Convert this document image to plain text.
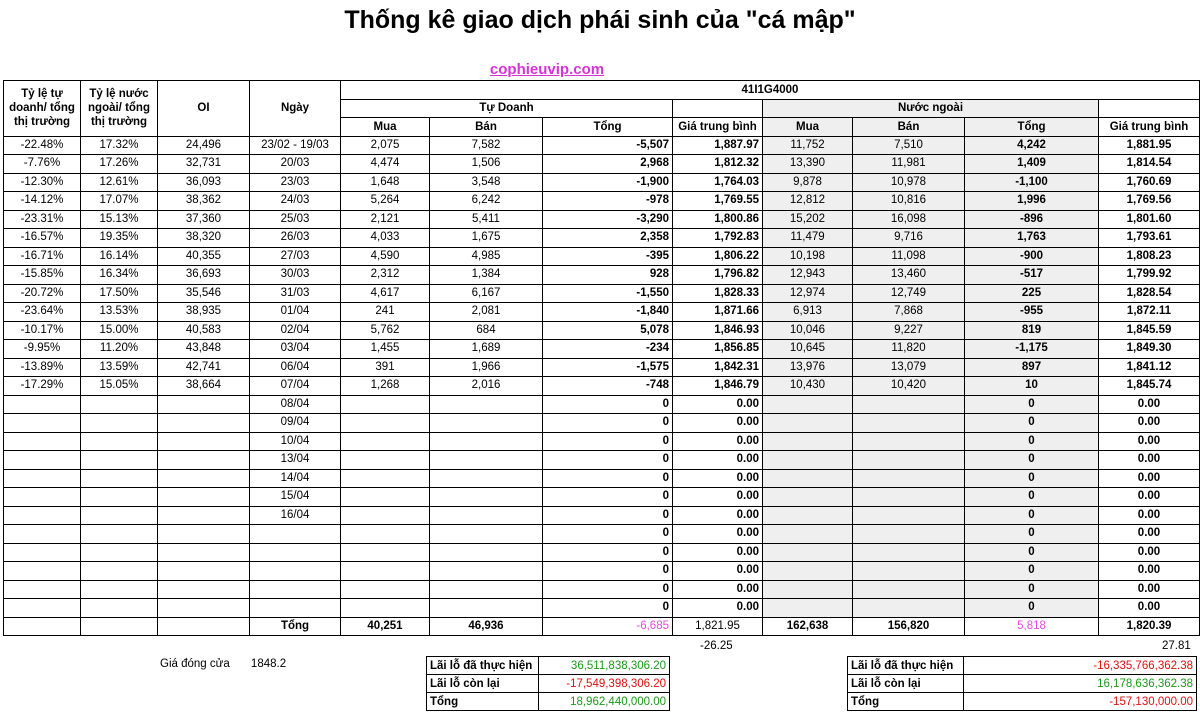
Thống kê giao dịch phái sinh của "cá mập"
cophieuvip.com
Tỷ lệ tự doanh/ tổng thị trường	Tỷ lệ nước ngoài/ tổng thị trường	OI	Ngày	41I1G4000							
				Tự Doanh				Nước ngoài			
				Mua	Bán	Tổng	Giá trung bình	Mua	Bán	Tổng	Giá trung bình
-22.48%	17.32%	24,496	23/02 - 19/03	2,075	7,582	-5,507	1,887.97	11,752	7,510	4,242	1,881.95
-7.76%	17.26%	32,731	20/03	4,474	1,506	2,968	1,812.32	13,390	11,981	1,409	1,814.54
-12.30%	12.61%	36,093	23/03	1,648	3,548	-1,900	1,764.03	9,878	10,978	-1,100	1,760.69
-14.12%	17.07%	38,362	24/03	5,264	6,242	-978	1,769.55	12,812	10,816	1,996	1,769.56
-23.31%	15.13%	37,360	25/03	2,121	5,411	-3,290	1,800.86	15,202	16,098	-896	1,801.60
-16.57%	19.35%	38,320	26/03	4,033	1,675	2,358	1,792.83	11,479	9,716	1,763	1,793.61
-16.71%	16.14%	40,355	27/03	4,590	4,985	-395	1,806.22	10,198	11,098	-900	1,808.23
-15.85%	16.34%	36,693	30/03	2,312	1,384	928	1,796.82	12,943	13,460	-517	1,799.92
-20.72%	17.50%	35,546	31/03	4,617	6,167	-1,550	1,828.33	12,974	12,749	225	1,828.54
-23.64%	13.53%	38,935	01/04	241	2,081	-1,840	1,871.66	6,913	7,868	-955	1,872.11
-10.17%	15.00%	40,583	02/04	5,762	684	5,078	1,846.93	10,046	9,227	819	1,845.59
-9.95%	11.20%	43,848	03/04	1,455	1,689	-234	1,856.85	10,645	11,820	-1,175	1,849.30
-13.89%	13.59%	42,741	06/04	391	1,966	-1,575	1,842.31	13,976	13,079	897	1,841.12
-17.29%	15.05%	38,664	07/04	1,268	2,016	-748	1,846.79	10,430	10,420	10	1,845.74
			08/04			0	0.00			0	0.00
			09/04			0	0.00			0	0.00
			10/04			0	0.00			0	0.00
			13/04			0	0.00			0	0.00
			14/04			0	0.00			0	0.00
			15/04			0	0.00			0	0.00
			16/04			0	0.00			0	0.00
						0	0.00			0	0.00
						0	0.00			0	0.00
						0	0.00			0	0.00
						0	0.00			0	0.00
						0	0.00			0	0.00
			Tổng	40,251	46,936	-6,685	1,821.95	162,638	156,820	5,818	1,820.39
-26.25	27.81
Giá đóng cửa 1848.2	Lãi lỗ đã thực hiện	36,511,838,306.20
Lãi lỗ còn lại	-17,549,398,306.20
Tổng	18,962,440,000.00
Lãi lỗ đã thực hiện	-16,335,766,362.38
Lãi lỗ còn lại	16,178,636,362.38
Tổng	-157,130,000.00
